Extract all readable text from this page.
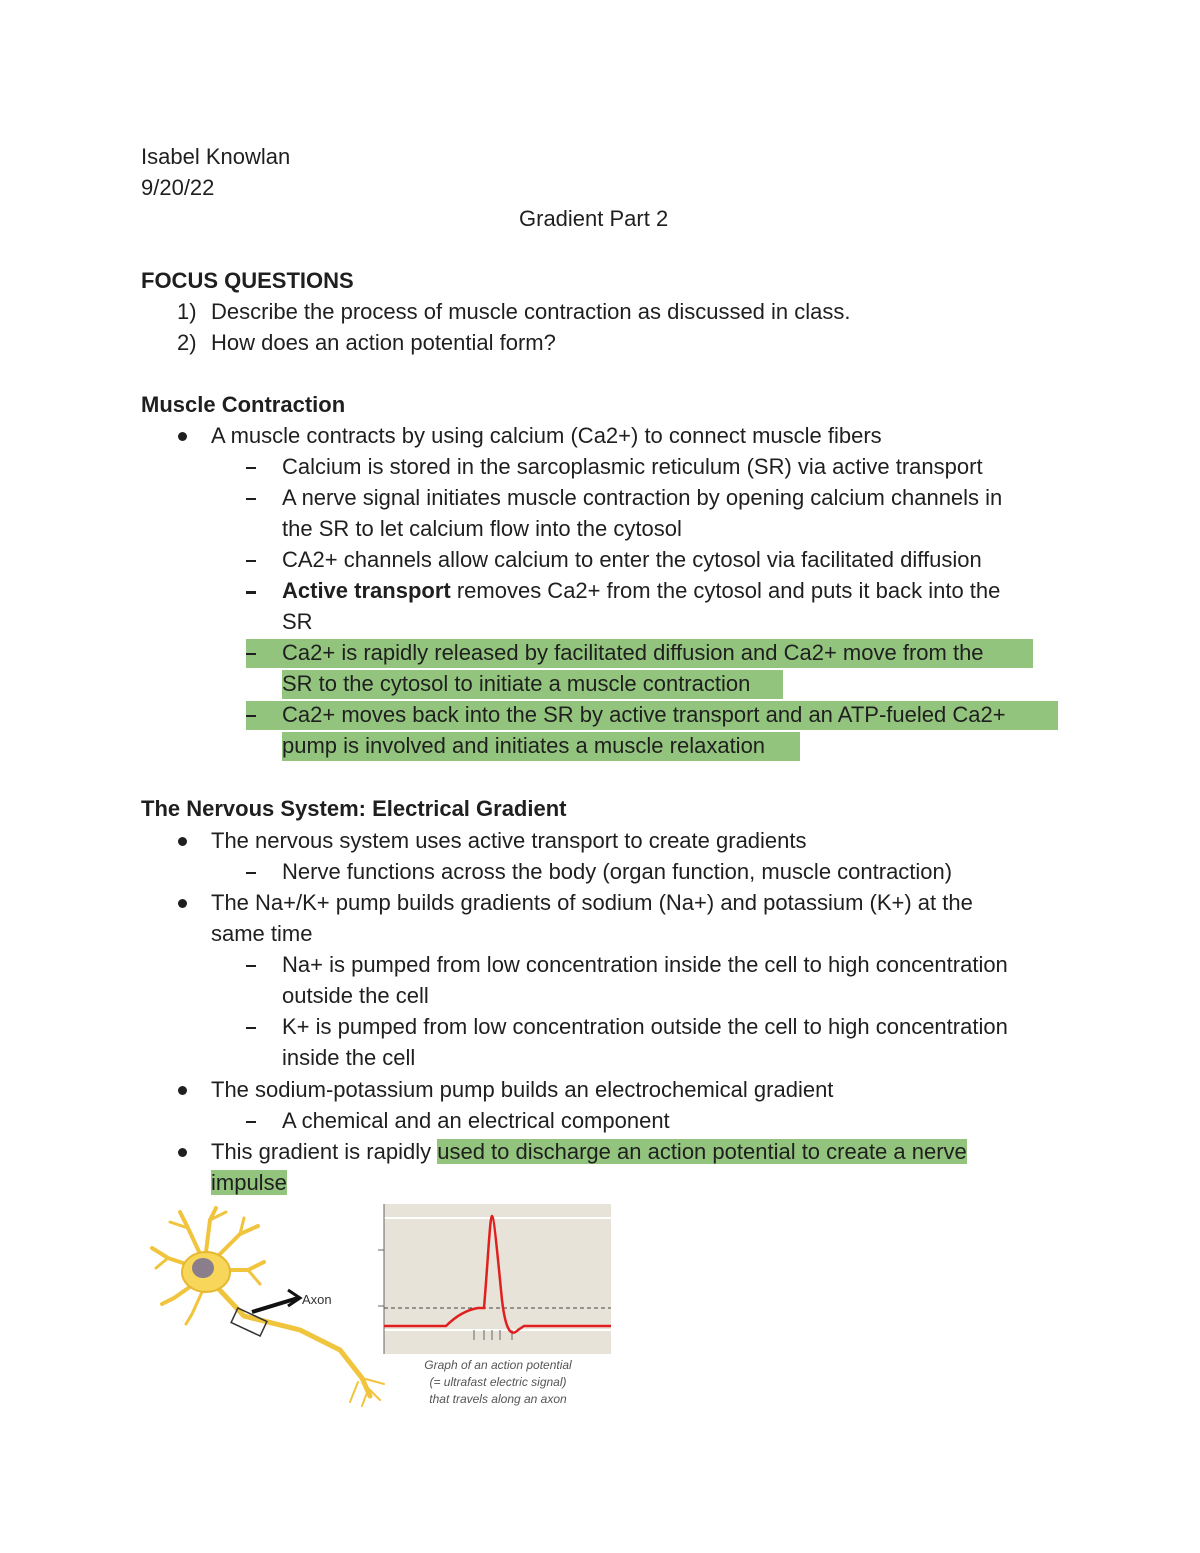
Isabel Knowlan
9/20/22
Gradient Part 2
FOCUS QUESTIONS
1) Describe the process of muscle contraction as discussed in class.
2) How does an action potential form?
Muscle Contraction
A muscle contracts by using calcium (Ca2+) to connect muscle fibers
Calcium is stored in the sarcoplasmic reticulum (SR) via active transport
A nerve signal initiates muscle contraction by opening calcium channels in
the SR to let calcium flow into the cytosol
CA2+ channels allow calcium to enter the cytosol via facilitated diffusion
Active transport removes Ca2+ from the cytosol and puts it back into the
SR
Ca2+ is rapidly released by facilitated diffusion and Ca2+ move from the
SR to the cytosol to initiate a muscle contraction
Ca2+ moves back into the SR by active transport and an ATP-fueled Ca2+
pump is involved and initiates a muscle relaxation
The Nervous System: Electrical Gradient
The nervous system uses active transport to create gradients
Nerve functions across the body (organ function, muscle contraction)
The Na+/K+ pump builds gradients of sodium (Na+) and potassium (K+) at the
same time
Na+ is pumped from low concentration inside the cell to high concentration
outside the cell
K+ is pumped from low concentration outside the cell to high concentration
inside the cell
The sodium-potassium pump builds an electrochemical gradient
A chemical and an electrical component
This gradient is rapidly used to discharge an action potential to create a nerve
impulse
Axon
Graph of an action potential
(= ultrafast electric signal)
that travels along an axon
